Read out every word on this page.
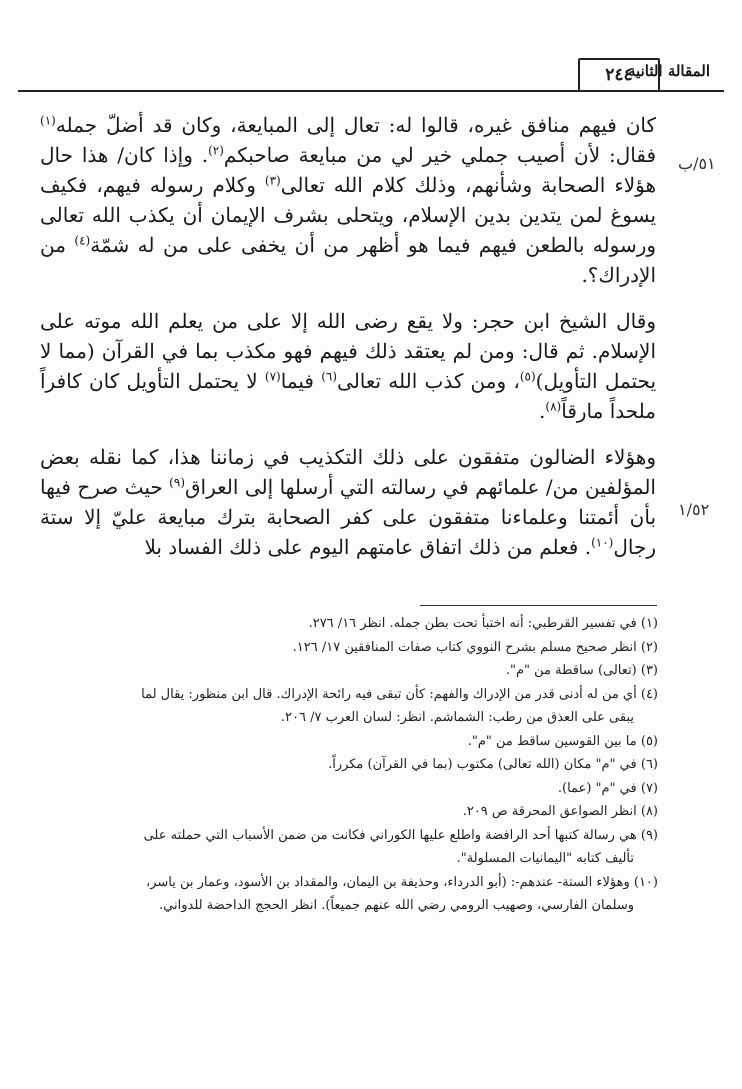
المقالة الثانية
٢٤٤
٥١/ب
١/٥٢

كان فيهم منافق غيره، قالوا له: تعال إلى المبايعة، وكان قد أضلّ جمله$^{(١)}$ فقال: لأن أصيب جملي خير لي من مبايعة صاحبكم$^{(٢)}$. وإذا كان/ هذا حال هؤلاء الصحابة وشأنهم، وذلك كلام الله تعالى$^{(٣)}$ وكلام رسوله فيهم، فكيف يسوغ لمن يتدين بدين الإسلام، ويتحلى بشرف الإيمان أن يكذب الله تعالى ورسوله بالطعن فيهم فيما هو أظهر من أن يخفى على من له شمّة$^{(٤)}$ من الإدراك؟.

وقال الشيخ ابن حجر: ولا يقع رضى الله إلا على من يعلم الله موته على الإسلام. ثم قال: ومن لم يعتقد ذلك فيهم فهو مكذب بما في القرآن (مما لا يحتمل التأويل)$^{(٥)}$، ومن كذب الله تعالى$^{(٦)}$ فيما$^{(٧)}$ لا يحتمل التأويل كان كافراً ملحداً مارقاً$^{(٨)}$.

وهؤلاء الضالون متفقون على ذلك التكذيب في زماننا هذا، كما نقله بعض المؤلفين من/ علمائهم في رسالته التي أرسلها إلى العراق$^{(٩)}$ حيث صرح فيها بأن أئمتنا وعلماءنا متفقون على كفر الصحابة بترك مبايعة عليّ إلا ستة رجال$^{(١٠)}$. فعلم من ذلك اتفاق عامتهم اليوم على ذلك الفساد بلا

(١) في تفسير القرطبي: أنه اختبأ تحت بطن جمله. انظر ١٦/ ٢٧٦.

(٢) انظر صحيح مسلم بشرح النووي كتاب صفات المنافقين ١٧/ ١٢٦.

(٣) (تعالى) ساقطة من "م".

(٤) أي من له أدنى قدر من الإدراك والفهم: كأن تبقى فيه رائحة الإدراك. قال ابن منظور: يقال لما

يبقى على العذق من رطب: الشماشم. انظر: لسان العرب ٧/ ٢٠٦.

(٥) ما بين القوسين ساقط من "م".

(٦) في "م" مكان (الله تعالى) مكتوب (بما في القرآن) مكرراً.

(٧) في "م" (عما).

(٨) انظر الصواعق المحرقة ص ٢٠٩.

(٩) هي رسالة كتبها أحد الرافضة واطلع عليها الكوراني فكانت من ضمن الأسباب التي حملته على

تأليف كتابه "اليمانيات المسلولة".

(١٠) وهؤلاء الستة- عندهم-: (أبو الدرداء، وحذيفة بن اليمان، والمقداد بن الأسود، وعمار بن ياسر،

وسلمان الفارسي، وصهيب الرومي رضي الله عنهم جميعاً). انظر الحجج الداحضة للدواني.
